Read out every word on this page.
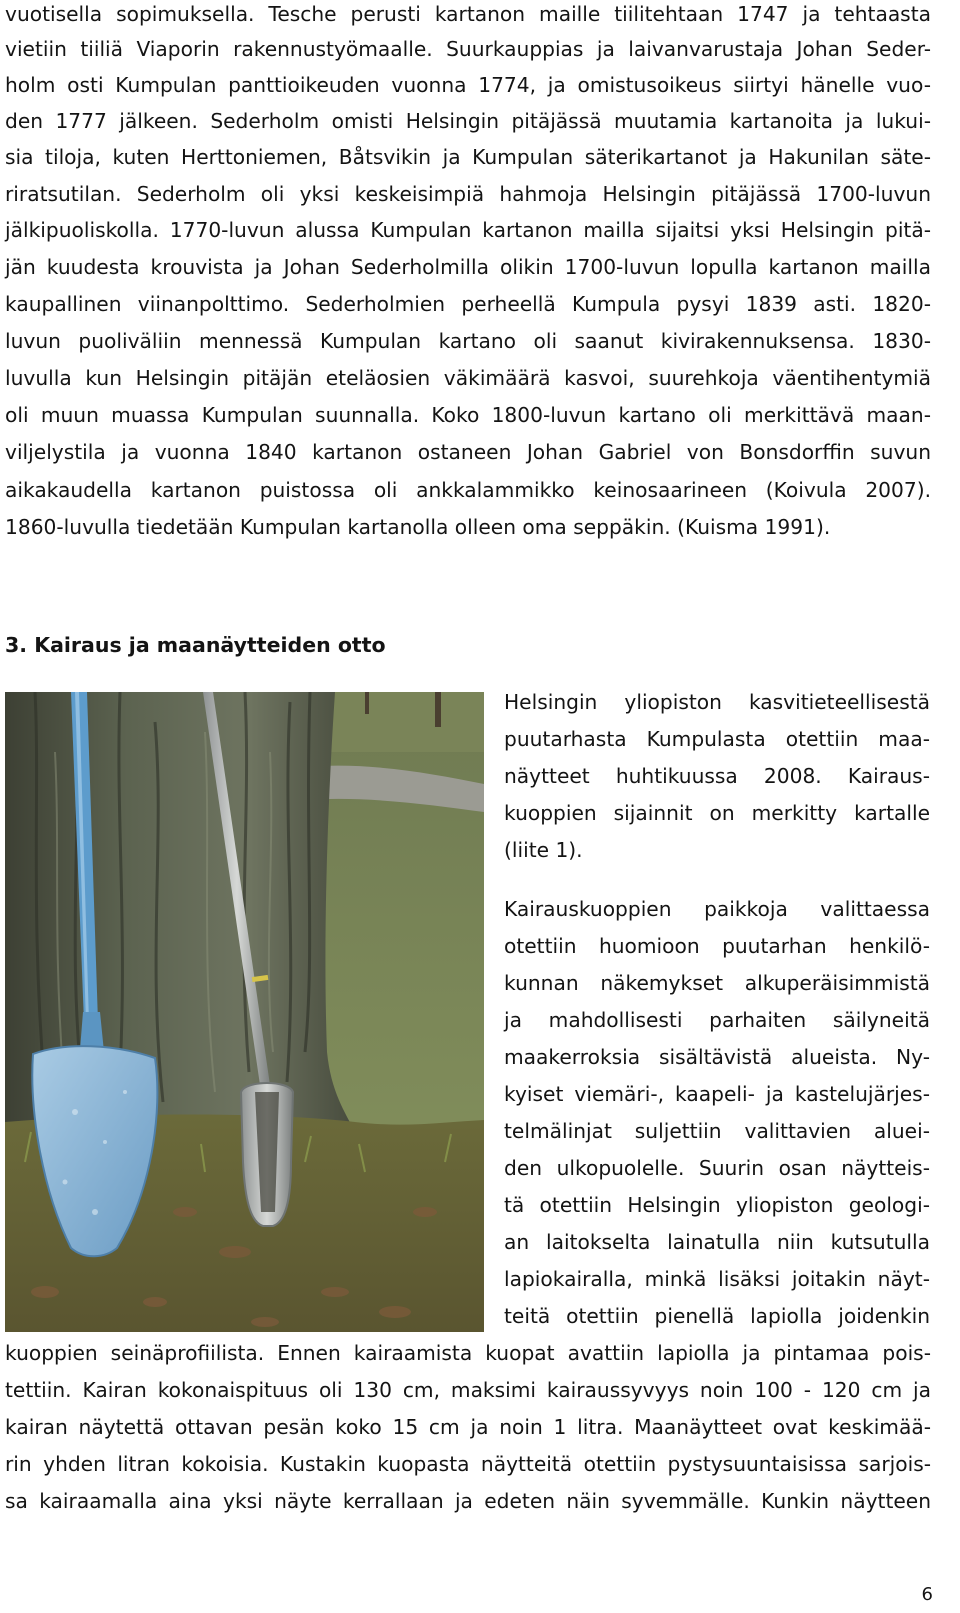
vuotisella sopimuksella. Tesche perusti kartanon maille tiilitehtaan 1747 ja tehtaasta
vietiin tiiliä Viaporin rakennustyömaalle. Suurkauppias ja laivanvarustaja Johan Seder-
holm osti Kumpulan panttioikeuden vuonna 1774, ja omistusoikeus siirtyi hänelle vuo-
den 1777 jälkeen. Sederholm omisti Helsingin pitäjässä muutamia kartanoita ja lukui-
sia tiloja, kuten Herttoniemen, Båtsvikin ja Kumpulan säterikartanot ja Hakunilan säte-
riratsutilan. Sederholm oli yksi keskeisimpiä hahmoja Helsingin pitäjässä 1700-luvun
jälkipuoliskolla. 1770-luvun alussa Kumpulan kartanon mailla sijaitsi yksi Helsingin pitä-
jän kuudesta krouvista ja Johan Sederholmilla olikin 1700-luvun lopulla kartanon mailla
kaupallinen viinanpolttimo. Sederholmien perheellä Kumpula pysyi 1839 asti. 1820-
luvun puoliväliin mennessä Kumpulan kartano oli saanut kivirakennuksensa. 1830-
luvulla kun Helsingin pitäjän eteläosien väkimäärä kasvoi, suurehkoja väentihentymiä
oli muun muassa Kumpulan suunnalla. Koko 1800-luvun kartano oli merkittävä maan-
viljelystila ja vuonna 1840 kartanon ostaneen Johan Gabriel von Bonsdorffin suvun
aikakaudella kartanon puistossa oli ankkalammikko keinosaarineen (Koivula 2007).
1860-luvulla tiedetään Kumpulan kartanolla olleen oma seppäkin. (Kuisma 1991).
3. Kairaus ja maanäytteiden otto
Helsingin yliopiston kasvitieteellisestä
puutarhasta Kumpulasta otettiin maa-
näytteet huhtikuussa 2008. Kairaus-
kuoppien sijainnit on merkitty kartalle
(liite 1).
Kairauskuoppien paikkoja valittaessa
otettiin huomioon puutarhan henkilö-
kunnan näkemykset alkuperäisimmistä
ja mahdollisesti parhaiten säilyneitä
maakerroksia sisältävistä alueista. Ny-
kyiset viemäri-, kaapeli- ja kastelujärjes-
telmälinjat suljettiin valittavien aluei-
den ulkopuolelle. Suurin osan näytteis-
tä otettiin Helsingin yliopiston geologi-
an laitokselta lainatulla niin kutsutulla
lapiokairalla, minkä lisäksi joitakin näyt-
teitä otettiin pienellä lapiolla joidenkin
kuoppien seinäprofiilista. Ennen kairaamista kuopat avattiin lapiolla ja pintamaa pois-
tettiin. Kairan kokonaispituus oli 130 cm, maksimi kairaussyvyys noin 100 - 120 cm ja
kairan näytettä ottavan pesän koko 15 cm ja noin 1 litra. Maanäytteet ovat keskimää-
rin yhden litran kokoisia. Kustakin kuopasta näytteitä otettiin pystysuuntaisissa sarjois-
sa kairaamalla aina yksi näyte kerrallaan ja edeten näin syvemmälle. Kunkin näytteen
6
